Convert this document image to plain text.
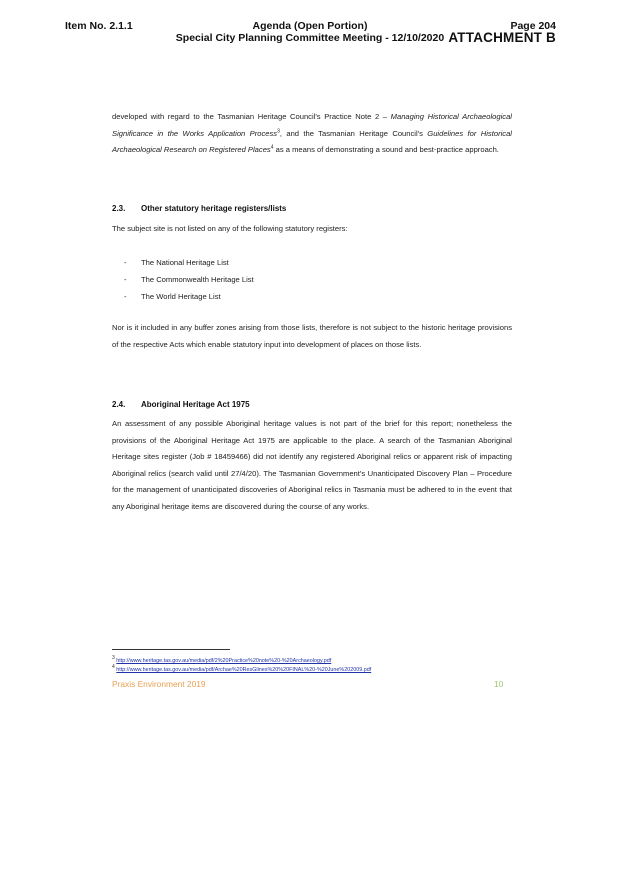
Item No. 2.1.1	Agenda (Open Portion)
Special City Planning Committee Meeting - 12/10/2020
Page 204
ATTACHMENT B
developed with regard to the Tasmanian Heritage Council's Practice Note 2 – Managing Historical Archaeological Significance in the Works Application Process$^3$, and the Tasmanian Heritage Council's Guidelines for Historical Archaeological Research on Registered Places$^4$ as a means of demonstrating a sound and best-practice approach.
2.3. Other statutory heritage registers/lists
The subject site is not listed on any of the following statutory registers:
-	The National Heritage List
-	The Commonwealth Heritage List
-	The World Heritage List
Nor is it included in any buffer zones arising from those lists, therefore is not subject to the historic heritage provisions of the respective Acts which enable statutory input into development of places on those lists.
2.4. Aboriginal Heritage Act 1975
An assessment of any possible Aboriginal heritage values is not part of the brief for this report; nonetheless the provisions of the Aboriginal Heritage Act 1975 are applicable to the place. A search of the Tasmanian Aboriginal Heritage sites register (Job # 18459466) did not identify any registered Aboriginal relics or apparent risk of impacting Aboriginal relics (search valid until 27/4/20). The Tasmanian Government's Unanticipated Discovery Plan – Procedure for the management of unanticipated discoveries of Aboriginal relics in Tasmania must be adhered to in the event that any Aboriginal heritage items are discovered during the course of any works.
$^3$ http://www.heritage.tas.gov.au/media/pdf/2%20Practice%20note%20-%20Archaeology.pdf
$^4$ http://www.heritage.tas.gov.au/media/pdf/Archae%20ResGlines%20%20FINAL%20-%20June%202009.pdf
Praxis Environment 2019	10
